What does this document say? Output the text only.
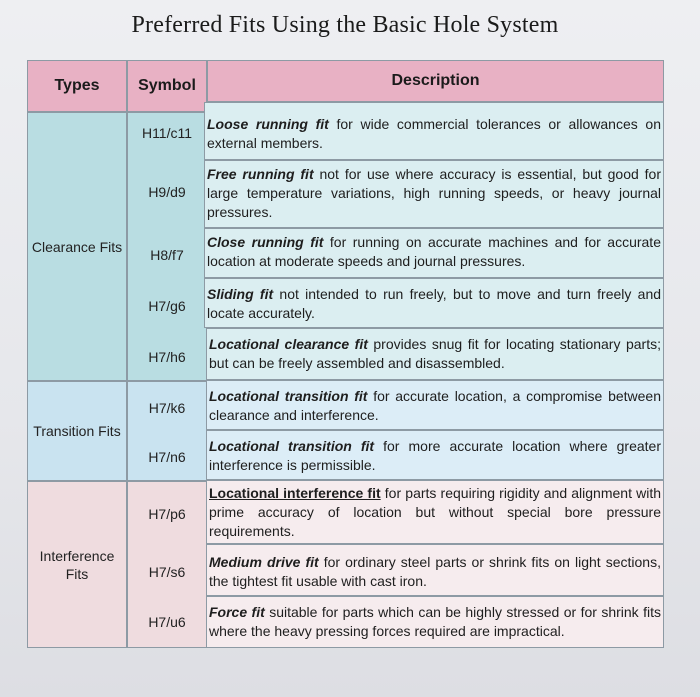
Preferred Fits Using the Basic Hole System
Types Symbol	Description
Clearance Fits
Transition Fits
Interference Fits
H11/c11
H9/d9
H8/f7
H7/g6
H7/h6
H7/k6
H7/n6
H7/p6
H7/s6
H7/u6
Loose running fit for wide commercial tolerances or allowances on external members.
Free running fit not for use where accuracy is essential, but good for large temperature variations, high running speeds, or heavy journal pressures.
Close running fit for running on accurate machines and for accurate location at moderate speeds and journal pressures.
Sliding fit not intended to run freely, but to move and turn freely and locate accurately.
Locational clearance fit provides snug fit for locating stationary parts; but can be freely assembled and disassembled.
Locational transition fit for accurate location, a compromise between clearance and interference.
Locational transition fit for more accurate location where greater interference is permissible.
Locational interference fit for parts requiring rigidity and alignment with prime accuracy of location but without special bore pressure requirements.
Medium drive fit for ordinary steel parts or shrink fits on light sections, the tightest fit usable with cast iron.
Force fit suitable for parts which can be highly stressed or for shrink fits where the heavy pressing forces required are impractical.
